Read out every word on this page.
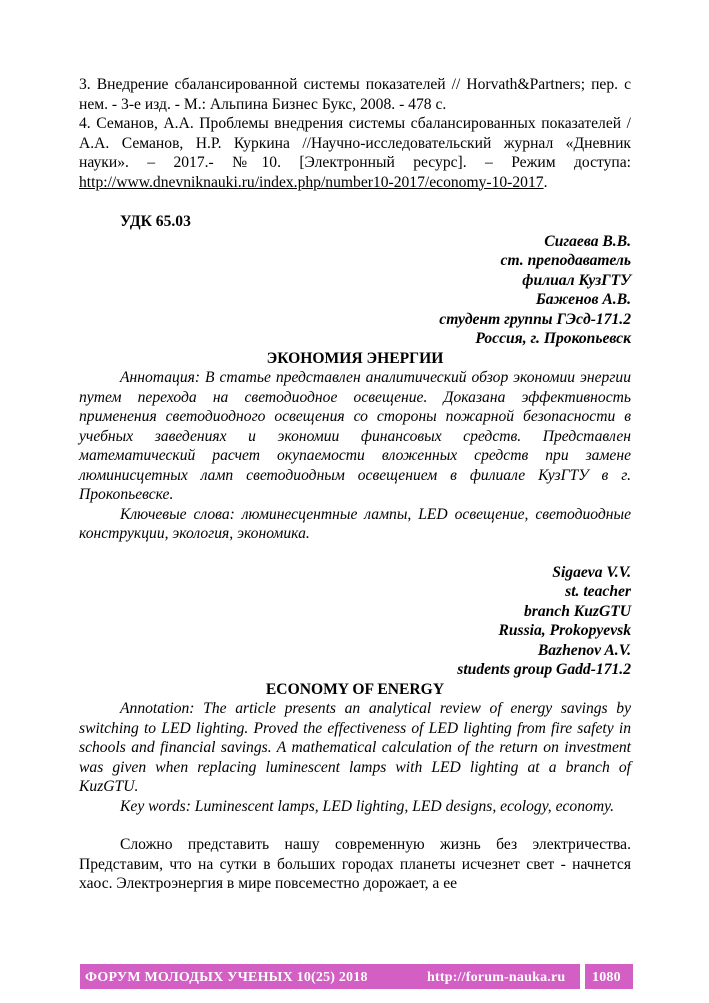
3. Внедрение сбалансированной системы показателей // Horvath&Partners; пер. с нем. - 3-е изд. - М.: Альпина Бизнес Букс, 2008. - 478 с.

4. Семанов, А.А. Проблемы внедрения системы сбалансированных показателей /А.А. Семанов, Н.Р. Куркина //Научно-исследовательский журнал «Дневник науки». – 2017.- №10. [Электронный ресурс]. – Режим доступа: http://www.dnevniknauki.ru/index.php/number10-2017/economy-10-2017.

УДК 65.03
Сигаева В.В.
ст. преподаватель
филиал КузГТУ
Баженов А.В.
студент группы ГЭсд-171.2
Россия, г. Прокопьевск

ЭКОНОМИЯ ЭНЕРГИИ

Аннотация: В статье представлен аналитический обзор экономии энергии путем перехода на светодиодное освещение. Доказана эффективность применения светодиодного освещения со стороны пожарной безопасности в учебных заведениях и экономии финансовых средств. Представлен математический расчет окупаемости вложенных средств при замене люминисцетных ламп светодиодным освещением в филиале КузГТУ в г. Прокопьевске.

Ключевые слова: люминесцентные лампы, LED освещение, светодиодные конструкции, экология, экономика.

Sigaeva V.V.
st. teacher
branch KuzGTU
Russia, Prokopyevsk
Bazhenov A.V.
students group Gadd-171.2

ECONOMY OF ENERGY

Annotation: The article presents an analytical review of energy savings by switching to LED lighting. Proved the effectiveness of LED lighting from fire safety in schools and financial savings. A mathematical calculation of the return on investment was given when replacing luminescent lamps with LED lighting at a branch of KuzGTU.

Key words: Luminescent lamps, LED lighting, LED designs, ecology, economy.

Сложно представить нашу современную жизнь без электричества. Представим, что на сутки в больших городах планеты исчезнет свет - начнется хаос. Электроэнергия в мире повсеместно дорожает, а ее

ФОРУМ МОЛОДЫХ УЧЕНЫХ 10(25) 2018	http://forum-nauka.ru 1080
